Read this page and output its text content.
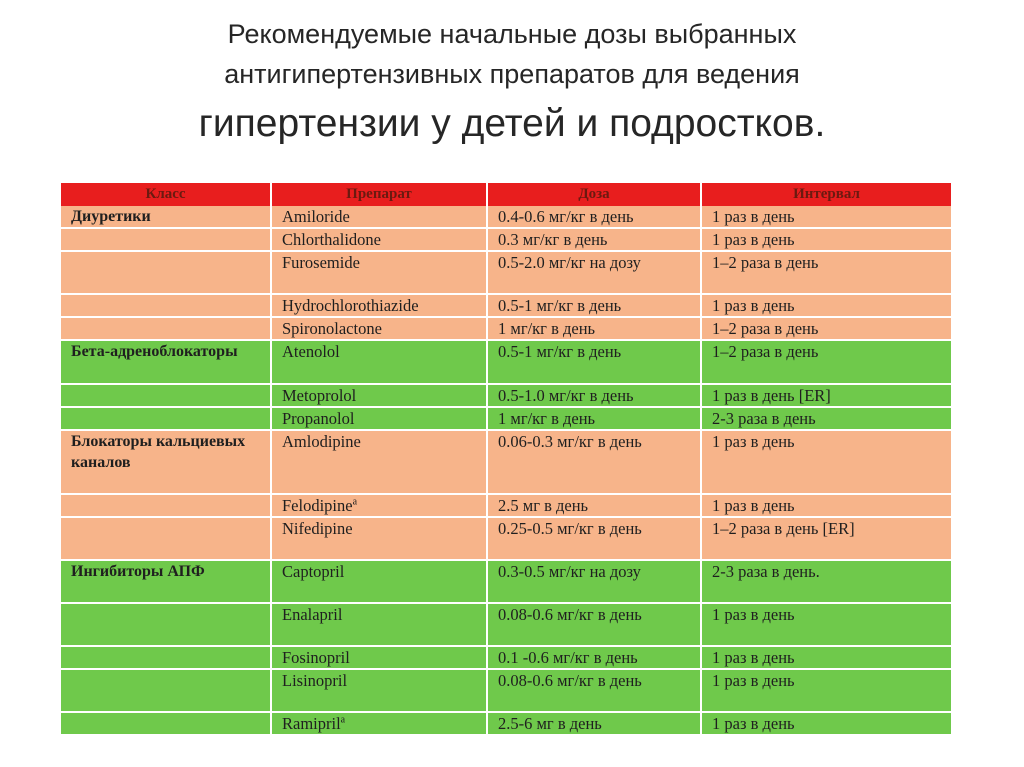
Рекомендуемые начальные дозы выбранных
антигипертензивных препаратов для ведения
гипертензии у детей и подростков.
Класс	Препарат	Доза	Интервал
Диуретики	Amiloride	0.4-0.6 мг/кг в день	1 раз в день
	Chlorthalidone	0.3 мг/кг в день	1 раз в день
	Furosemide	0.5-2.0 мг/кг на дозу	1–2 раза в день
	Hydrochlorothiazide	0.5-1 мг/кг в день	1 раз в день
	Spironolactone	1 мг/кг в день	1–2 раза в день
Бета-адреноблокаторы	Atenolol	0.5-1 мг/кг в день	1–2 раза в день
	Metoprolol	0.5-1.0 мг/кг в день	1 раз в день [ER]
	Propanolol	1 мг/кг в день	2-3 раза в день
Блокаторы кальциевых каналов	Amlodipine	0.06-0.3 мг/кг в день	1 раз в день
	Felodipine$^a$	2.5 мг в день	1 раз в день
	Nifedipine	0.25-0.5 мг/кг в день	1–2 раза в день [ER]
Ингибиторы АПФ	Captopril	0.3-0.5 мг/кг на дозу	2-3 раза в день.
	Enalapril	0.08-0.6 мг/кг в день	1 раз в день
	Fosinopril	0.1 -0.6 мг/кг в день	1 раз в день
	Lisinopril	0.08-0.6 мг/кг в день	1 раз в день
	Ramipril$^a$	2.5-6 мг в день	1 раз в день
